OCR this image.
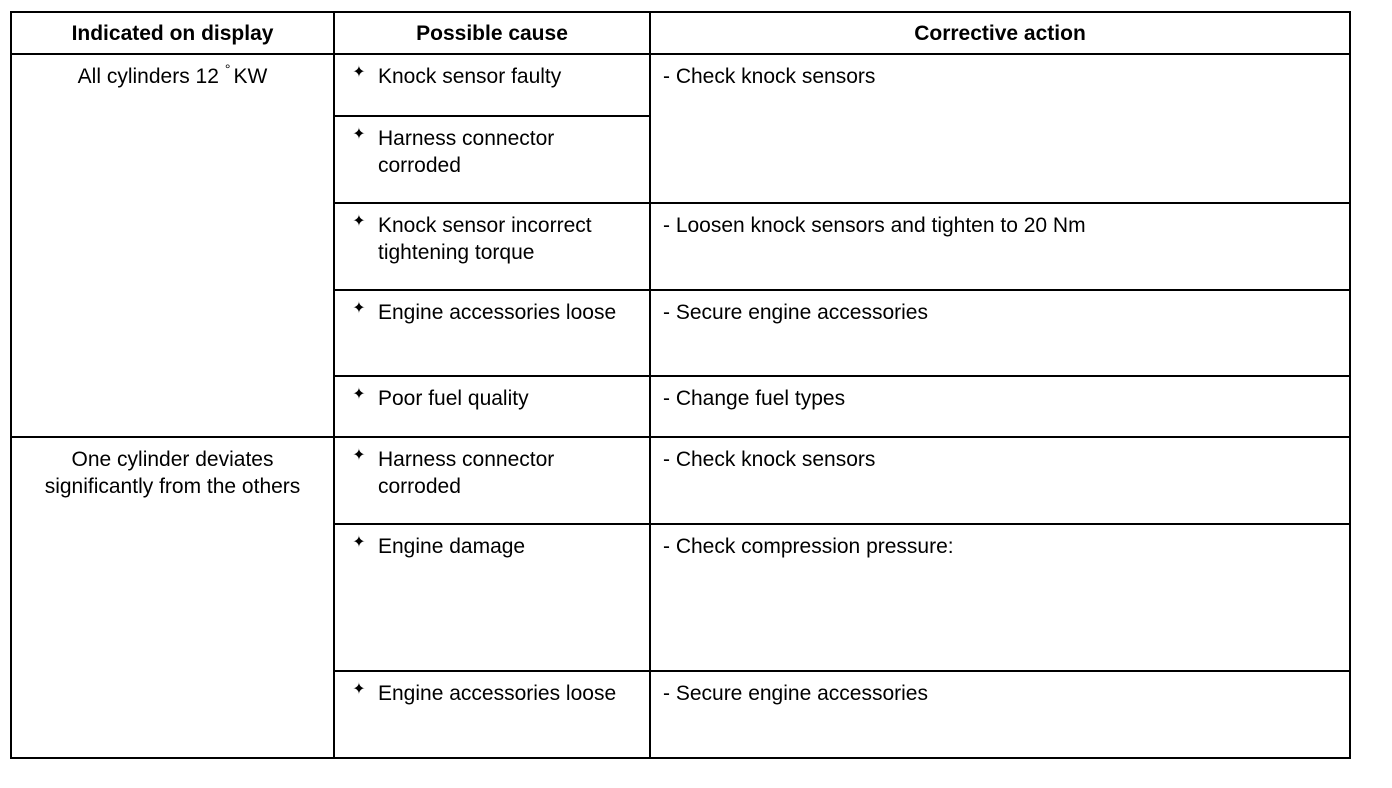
Indicated on display	Possible cause	Corrective action
All cylinders 12 ° KW	✦ Knock sensor faulty	- Check knock sensors

	✦ Harness connector corroded	

	✦ Knock sensor incorrect tightening torque	- Loosen knock sensors and tighten to 20 Nm

	✦ Engine accessories loose	- Secure engine accessories

	✦ Poor fuel quality	- Change fuel types
One cylinder deviates significantly from the others	✦ Harness connector corroded	- Check knock sensors

	✦ Engine damage	- Check compression pressure:

	✦ Engine accessories loose	- Secure engine accessories
